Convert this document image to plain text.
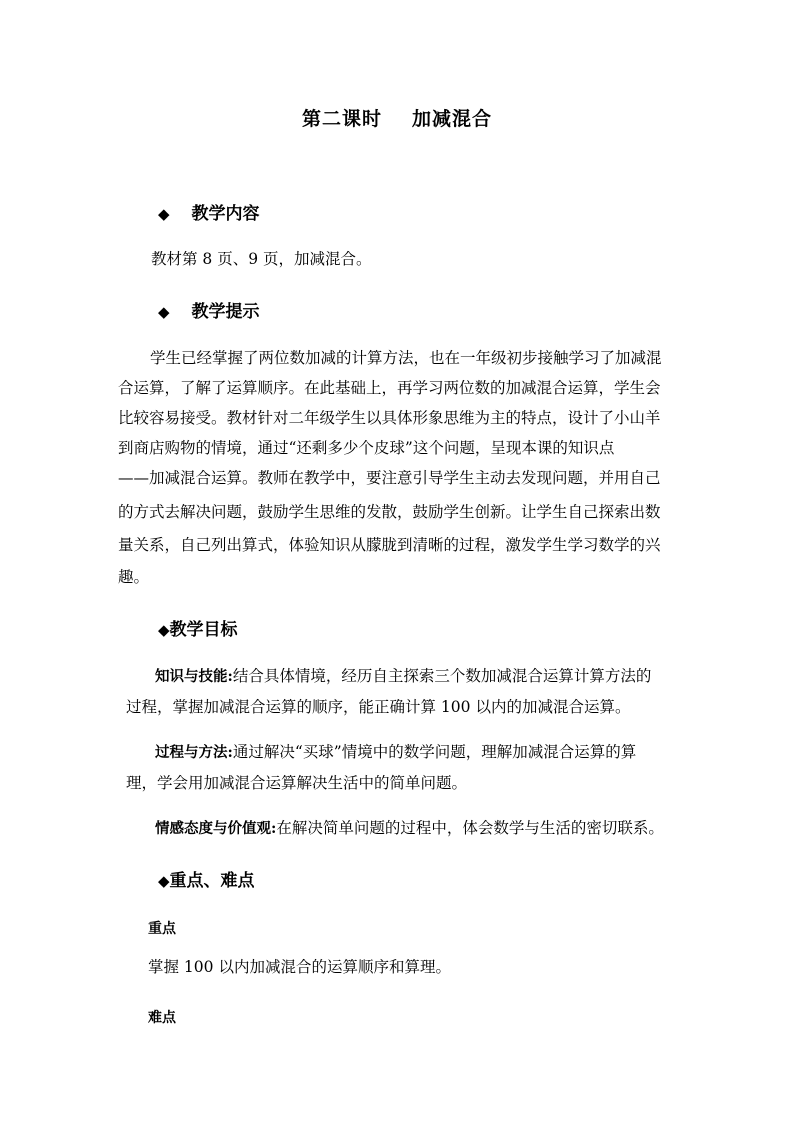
第二课时 加减混合
◆ 教学内容
教材第 8 页、9 页，加减混合。
◆ 教学提示
学生已经掌握了两位数加减的计算方法，也在一年级初步接触学习了加减混
合运算，了解了运算顺序。在此基础上，再学习两位数的加减混合运算，学生会
比较容易接受。教材针对二年级学生以具体形象思维为主的特点，设计了小山羊
到商店购物的情境，通过“还剩多少个皮球”这个问题，呈现本课的知识点
——加减混合运算。教师在教学中，要注意引导学生主动去发现问题，并用自己
的方式去解决问题，鼓励学生思维的发散，鼓励学生创新。让学生自己探索出数
量关系，自己列出算式，体验知识从朦胧到清晰的过程，激发学生学习数学的兴
趣。
◆教学目标
知识与技能:结合具体情境，经历自主探索三个数加减混合运算计算方法的
过程，掌握加减混合运算的顺序，能正确计算 100 以内的加减混合运算。
过程与方法:通过解决“买球”情境中的数学问题，理解加减混合运算的算
理，学会用加减混合运算解决生活中的简单问题。
情感态度与价值观:在解决简单问题的过程中，体会数学与生活的密切联系。
◆重点、难点
重点
掌握 100 以内加减混合的运算顺序和算理。
难点
